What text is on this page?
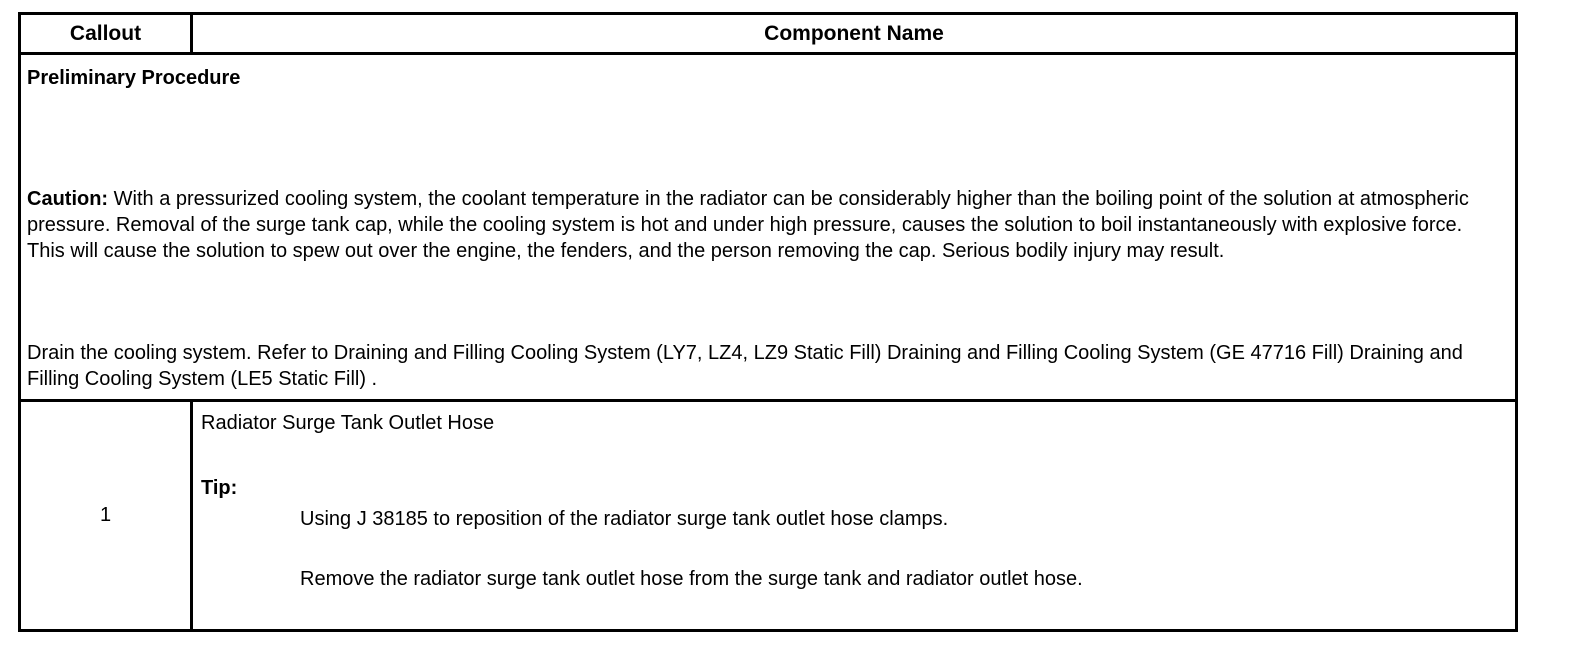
Callout	Component Name
Preliminary Procedure
Caution: With a pressurized cooling system, the coolant temperature in the radiator can be considerably higher than the boiling point of the solution at atmospheric pressure. Removal of the surge tank cap, while the cooling system is hot and under high pressure, causes the solution to boil instantaneously with explosive force. This will cause the solution to spew out over the engine, the fenders, and the person removing the cap. Serious bodily injury may result.
Drain the cooling system. Refer to Draining and Filling Cooling System (LY7, LZ4, LZ9 Static Fill) Draining and Filling Cooling System (GE 47716 Fill) Draining and Filling Cooling System (LE5 Static Fill) .
1
Radiator Surge Tank Outlet Hose
Tip:
Using J 38185 to reposition of the radiator surge tank outlet hose clamps.
Remove the radiator surge tank outlet hose from the surge tank and radiator outlet hose.
